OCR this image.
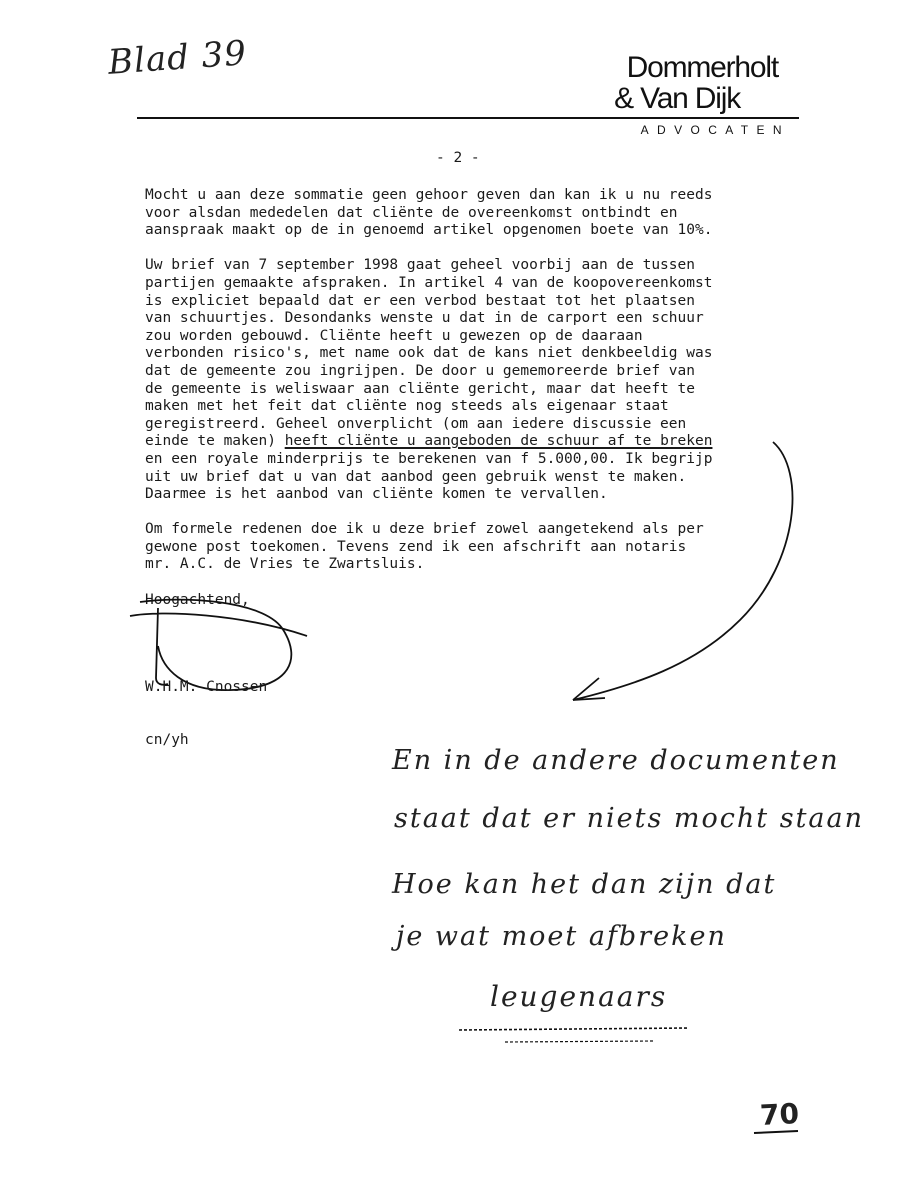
Blad 39	Dommerholt
& Van Dijk
ADVOCATEN
- 2 -
Mocht u aan deze sommatie geen gehoor geven dan kan ik u nu reeds
voor alsdan mededelen dat cliënte de overeenkomst ontbindt en
aanspraak maakt op de in genoemd artikel opgenomen boete van 10%.
Uw brief van 7 september 1998 gaat geheel voorbij aan de tussen
partijen gemaakte afspraken. In artikel 4 van de koopovereenkomst
is expliciet bepaald dat er een verbod bestaat tot het plaatsen
van schuurtjes. Desondanks wenste u dat in de carport een schuur
zou worden gebouwd. Cliënte heeft u gewezen op de daaraan
verbonden risico's, met name ook dat de kans niet denkbeeldig was
dat de gemeente zou ingrijpen. De door u gememoreerde brief van
de gemeente is weliswaar aan cliënte gericht, maar dat heeft te
maken met het feit dat cliënte nog steeds als eigenaar staat
geregistreerd. Geheel onverplicht (om aan iedere discussie een
einde te maken) heeft cliënte u aangeboden de schuur af te breken
en een royale minderprijs te berekenen van f 5.000,00. Ik begrijp
uit uw brief dat u van dat aanbod geen gebruik wenst te maken.
Daarmee is het aanbod van cliënte komen te vervallen.
Om formele redenen doe ik u deze brief zowel aangetekend als per
gewone post toekomen. Tevens zend ik een afschrift aan notaris
mr. A.C. de Vries te Zwartsluis.
Hoogachtend,
W.H.M. Cnossen
cn/yh
En in de andere documenten
staat dat er niets mocht staan
Hoe kan het dan zijn dat
je wat moet afbreken
leugenaars
70
